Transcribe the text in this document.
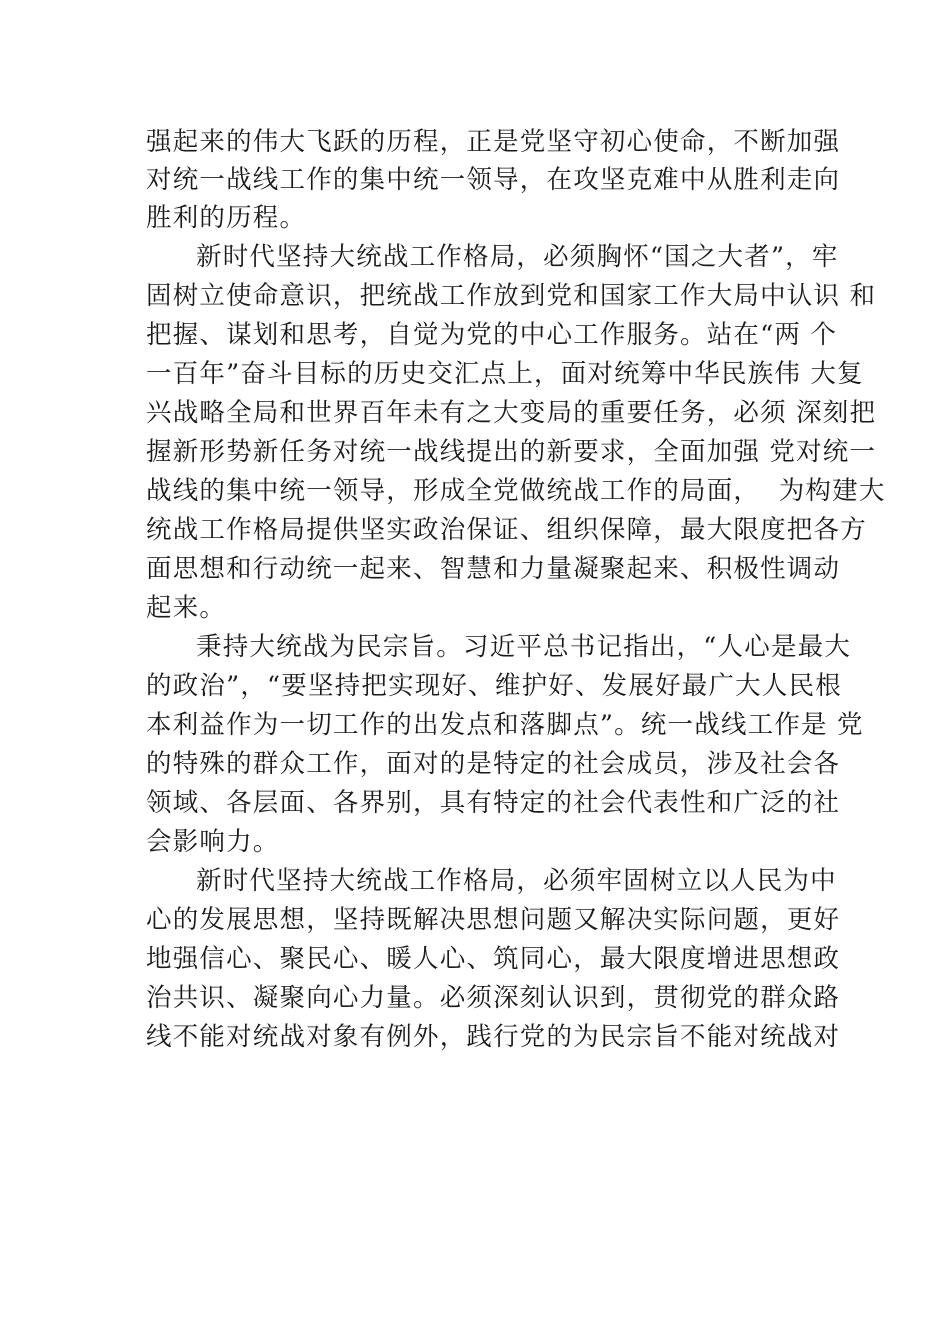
强起来的伟大飞跃的历程，正是党坚守初心使命，不断加强
对统一战线工作的集中统一领导，在攻坚克难中从胜利走向
胜利的历程。
新时代坚持大统战工作格局，必须胸怀“国之大者”，牢
固树立使命意识，把统战工作放到党和国家工作大局中认识 和
把握、谋划和思考，自觉为党的中心工作服务。站在“两 个
一百年”奋斗目标的历史交汇点上，面对统筹中华民族伟 大复
兴战略全局和世界百年未有之大变局的重要任务，必须 深刻把
握新形势新任务对统一战线提出的新要求，全面加强 党对统一
战线的集中统一领导，形成全党做统战工作的局面，  为构建大
统战工作格局提供坚实政治保证、组织保障，最大限度把各方
面思想和行动统一起来、智慧和力量凝聚起来、积极性调动
起来。
秉持大统战为民宗旨。习近平总书记指出，“人心是最大
的政治”，“要坚持把实现好、维护好、发展好最广大人民根
本利益作为一切工作的出发点和落脚点”。统一战线工作是 党
的特殊的群众工作，面对的是特定的社会成员，涉及社会各
领域、各层面、各界别，具有特定的社会代表性和广泛的社
会影响力。
新时代坚持大统战工作格局，必须牢固树立以人民为中
心的发展思想，坚持既解决思想问题又解决实际问题，更好
地强信心、聚民心、暖人心、筑同心，最大限度增进思想政
治共识、凝聚向心力量。必须深刻认识到，贯彻党的群众路
线不能对统战对象有例外，践行党的为民宗旨不能对统战对
